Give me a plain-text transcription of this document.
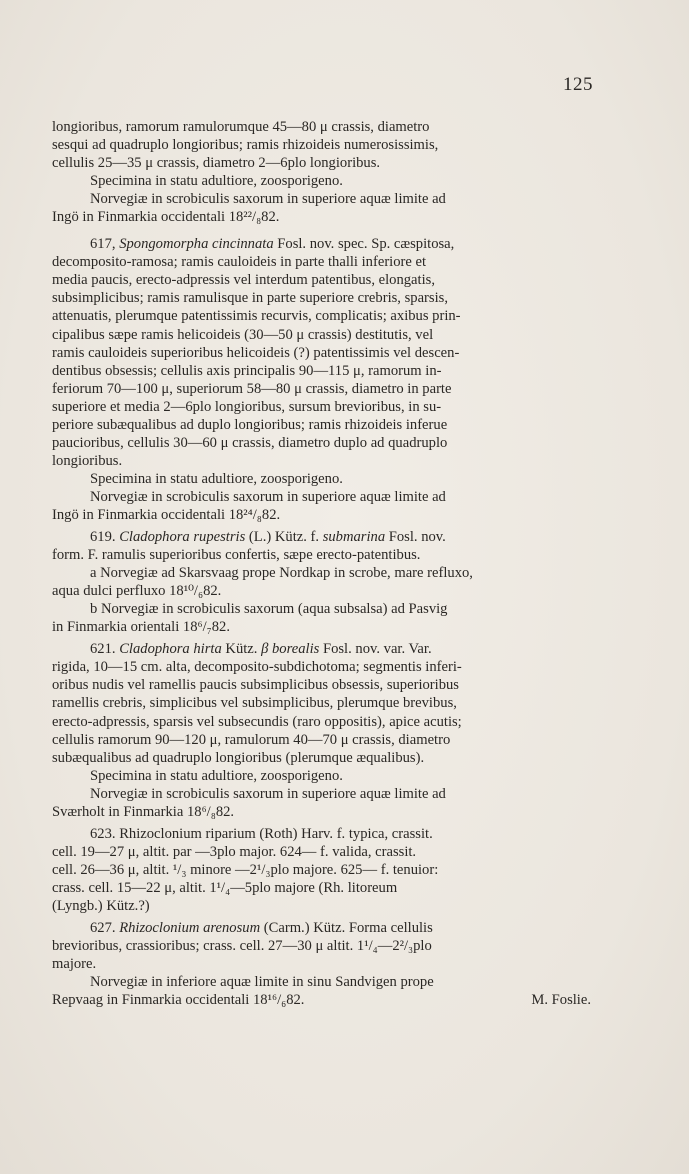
125

longioribus, ramorum ramulorumque 45—80 μ crassis, diametro

sesqui ad quadruplo longioribus; ramis rhizoideis numerosissimis,

cellulis 25—35 μ crassis, diametro 2—6plo longioribus.

Specimina in statu adultiore, zoosporigeno.

Norvegiæ in scrobiculis saxorum in superiore aquæ limite ad

Ingö in Finmarkia occidentali 18²²/₈82.

617, Spongomorpha cincinnata Fosl. nov. spec. Sp. cæspitosa,

decomposito-ramosa; ramis cauloideis in parte thalli inferiore et

media paucis, erecto-adpressis vel interdum patentibus, elongatis,

subsimplicibus; ramis ramulisque in parte superiore crebris, sparsis,

attenuatis, plerumque patentissimis recurvis, complicatis; axibus prin-

cipalibus sæpe ramis helicoideis (30—50 μ crassis) destitutis, vel

ramis cauloideis superioribus helicoideis (?) patentissimis vel descen-

dentibus obsessis; cellulis axis principalis 90—115 μ, ramorum in-

feriorum 70—100 μ, superiorum 58—80 μ crassis, diametro in parte

superiore et media 2—6plo longioribus, sursum brevioribus, in su-

periore subæqualibus ad duplo longioribus; ramis rhizoideis inferue

paucioribus, cellulis 30—60 μ crassis, diametro duplo ad quadruplo

longioribus.

Specimina in statu adultiore, zoosporigeno.

Norvegiæ in scrobiculis saxorum in superiore aquæ limite ad

Ingö in Finmarkia occidentali 18²⁴/₈82.

619. Cladophora rupestris (L.) Kütz. f. submarina Fosl. nov.

form. F. ramulis superioribus confertis, sæpe erecto-patentibus.

a Norvegiæ ad Skarsvaag prope Nordkap in scrobe, mare refluxo,

aqua dulci perfluxo 18¹⁰/₆82.

b Norvegiæ in scrobiculis saxorum (aqua subsalsa) ad Pasvig

in Finmarkia orientali 18⁶/₇82.

621. Cladophora hirta Kütz. β borealis Fosl. nov. var. Var.

rigida, 10—15 cm. alta, decomposito-subdichotoma; segmentis inferi-

oribus nudis vel ramellis paucis subsimplicibus obsessis, superioribus

ramellis crebris, simplicibus vel subsimplicibus, plerumque brevibus,

erecto-adpressis, sparsis vel subsecundis (raro oppositis), apice acutis;

cellulis ramorum 90—120 μ, ramulorum 40—70 μ crassis, diametro

subæqualibus ad quadruplo longioribus (plerumque æqualibus).

Specimina in statu adultiore, zoosporigeno.

Norvegiæ in scrobiculis saxorum in superiore aquæ limite ad

Sværholt in Finmarkia 18⁶/₈82.

623. Rhizoclonium riparium (Roth) Harv. f. typica, crassit.

cell. 19—27 μ, altit. par —3plo major. 624— f. valida, crassit.

cell. 26—36 μ, altit. ¹/₃ minore —2¹/₃plo majore. 625— f. tenuior:

crass. cell. 15—22 μ, altit. 1¹/₄—5plo majore (Rh. litoreum

(Lyngb.) Kütz.?)

627. Rhizoclonium arenosum (Carm.) Kütz. Forma cellulis

brevioribus, crassioribus; crass. cell. 27—30 μ altit. 1¹/₄—2²/₃plo

majore.

Norvegiæ in inferiore aquæ limite in sinu Sandvigen prope

Repvaag in Finmarkia occidentali 18¹⁶/₆82.	M. Foslie.
